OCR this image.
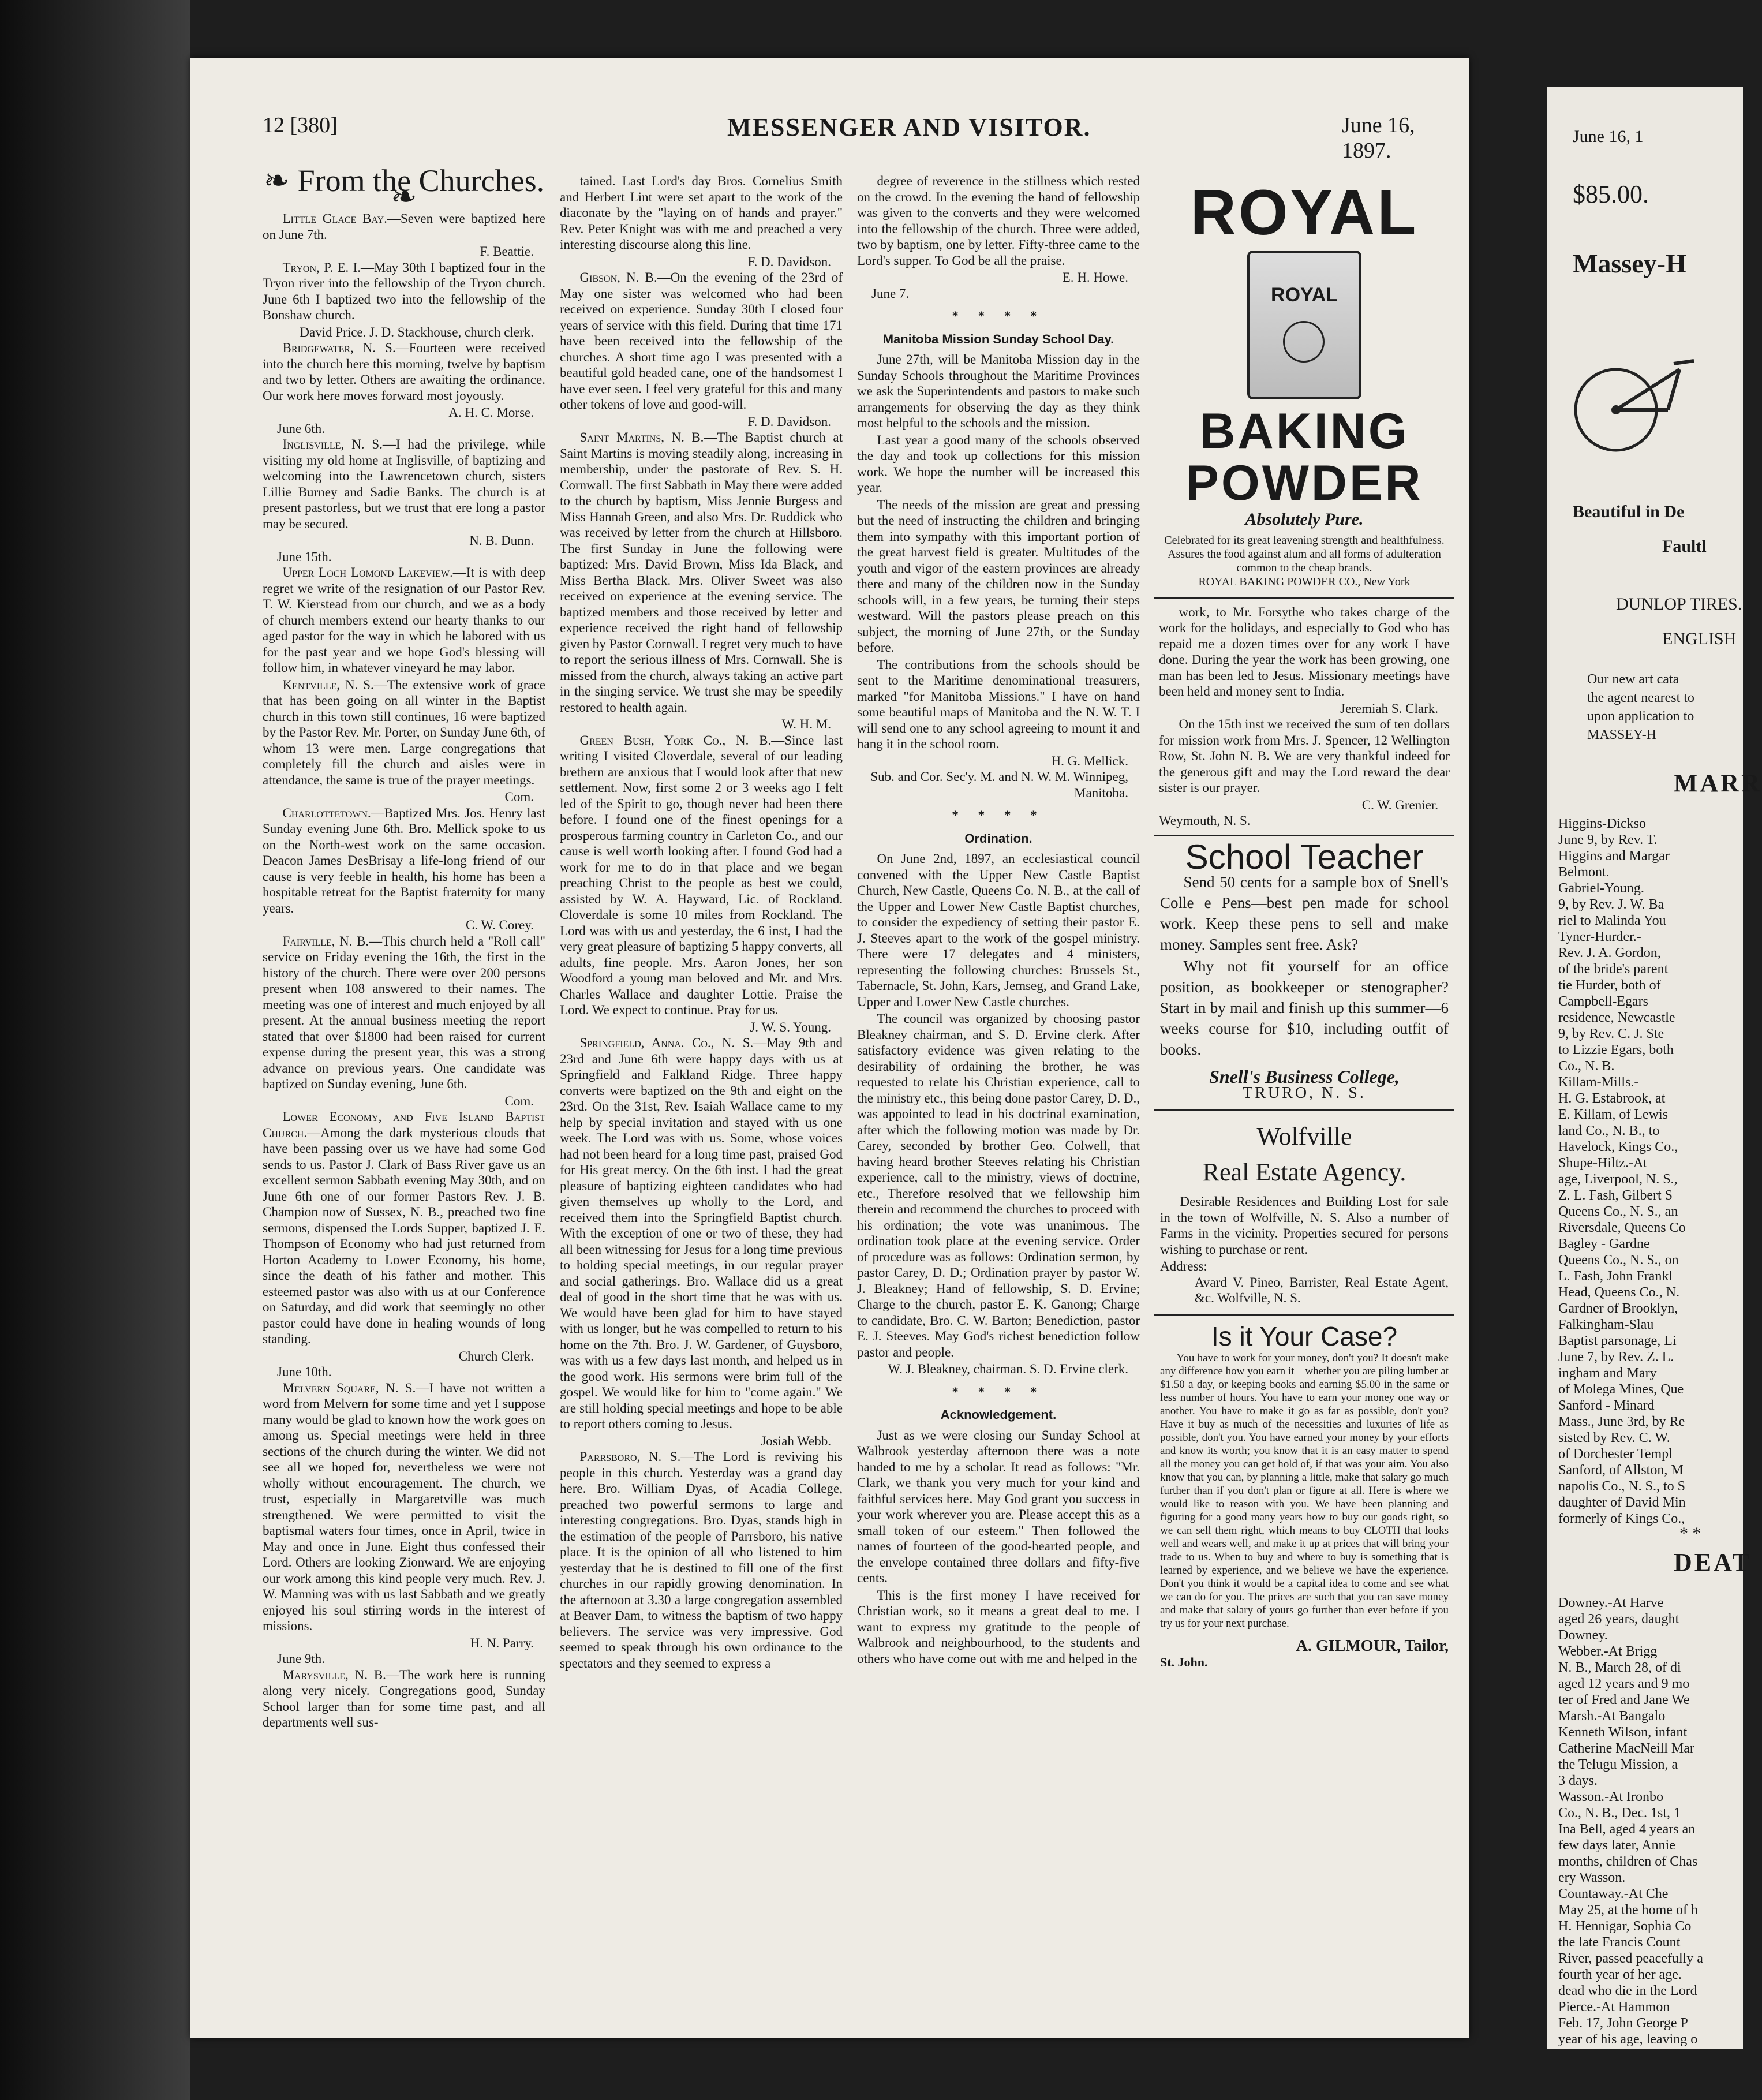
12 [380]	MESSENGER AND VISITOR.	June 16, 1897.
❧ From the Churches. ❧

Little Glace Bay.—Seven were baptized here on June 7th.

F. Beattie.

Tryon, P. E. I.—May 30th I baptized four in the Tryon river into the fellowship of the Tryon church. June 6th I baptized two into the fellowship of the Bonshaw church.

David Price. J. D. Stackhouse, church clerk.

Bridgewater, N. S.—Fourteen were received into the church here this morning, twelve by baptism and two by letter. Others are awaiting the ordinance. Our work here moves forward most joyously.

A. H. C. Morse.
June 6th.

Inglisville, N. S.—I had the privilege, while visiting my old home at Inglisville, of baptizing and welcoming into the Lawrencetown church, sisters Lillie Burney and Sadie Banks. The church is at present pastorless, but we trust that ere long a pastor may be secured.

N. B. Dunn.
June 15th.

Upper Loch Lomond Lakeview.—It is with deep regret we write of the resignation of our Pastor Rev. T. W. Kierstead from our church, and we as a body of church members extend our hearty thanks to our aged pastor for the way in which he labored with us for the past year and we hope God's blessing will follow him, in whatever vineyard he may labor.

Kentville, N. S.—The extensive work of grace that has been going on all winter in the Baptist church in this town still continues, 16 were baptized by the Pastor Rev. Mr. Porter, on Sunday June 6th, of whom 13 were men. Large congregations that completely fill the church and aisles were in attendance, the same is true of the prayer meetings.

Com.

Charlottetown.—Baptized Mrs. Jos. Henry last Sunday evening June 6th. Bro. Mellick spoke to us on the North-west work on the same occasion. Deacon James DesBrisay a life-long friend of our cause is very feeble in health, his home has been a hospitable retreat for the Baptist fraternity for many years.

C. W. Corey.

Fairville, N. B.—This church held a "Roll call" service on Friday evening the 16th, the first in the history of the church. There were over 200 persons present when 108 answered to their names. The meeting was one of interest and much enjoyed by all present. At the annual business meeting the report stated that over $1800 had been raised for current expense during the present year, this was a strong advance on previous years. One candidate was baptized on Sunday evening, June 6th.

Com.

Lower Economy, and Five Island Baptist Church.—Among the dark mysterious clouds that have been passing over us we have had some God sends to us. Pastor J. Clark of Bass River gave us an excellent sermon Sabbath evening May 30th, and on June 6th one of our former Pastors Rev. J. B. Champion now of Sussex, N. B., preached two fine sermons, dispensed the Lords Supper, baptized J. E. Thompson of Economy who had just returned from Horton Academy to Lower Economy, his home, since the death of his father and mother. This esteemed pastor was also with us at our Conference on Saturday, and did work that seemingly no other pastor could have done in healing wounds of long standing.

Church Clerk.
June 10th.

Melvern Square, N. S.—I have not written a word from Melvern for some time and yet I suppose many would be glad to known how the work goes on among us. Special meetings were held in three sections of the church during the winter. We did not see all we hoped for, nevertheless we were not wholly without encouragement. The church, we trust, especially in Margaretville was much strengthened. We were permitted to visit the baptismal waters four times, once in April, twice in May and once in June. Eight thus confessed their Lord. Others are looking Zionward. We are enjoying our work among this kind people very much. Rev. J. W. Manning was with us last Sabbath and we greatly enjoyed his soul stirring words in the interest of missions.

H. N. Parry.
June 9th.

Marysville, N. B.—The work here is running along very nicely. Congregations good, Sunday School larger than for some time past, and all departments well sus-

tained. Last Lord's day Bros. Cornelius Smith and Herbert Lint were set apart to the work of the diaconate by the "laying on of hands and prayer." Rev. Peter Knight was with me and preached a very interesting discourse along this line.

F. D. Davidson.

Gibson, N. B.—On the evening of the 23rd of May one sister was welcomed who had been received on experience. Sunday 30th I closed four years of service with this field. During that time 171 have been received into the fellowship of the churches. A short time ago I was presented with a beautiful gold headed cane, one of the handsomest I have ever seen. I feel very grateful for this and many other tokens of love and good-will.

F. D. Davidson.

Saint Martins, N. B.—The Baptist church at Saint Martins is moving steadily along, increasing in membership, under the pastorate of Rev. S. H. Cornwall. The first Sabbath in May there were added to the church by baptism, Miss Jennie Burgess and Miss Hannah Green, and also Mrs. Dr. Ruddick who was received by letter from the church at Hillsboro. The first Sunday in June the following were baptized: Mrs. David Brown, Miss Ida Black, and Miss Bertha Black. Mrs. Oliver Sweet was also received on experience at the evening service. The baptized members and those received by letter and experience received the right hand of fellowship given by Pastor Cornwall. I regret very much to have to report the serious illness of Mrs. Cornwall. She is missed from the church, always taking an active part in the singing service. We trust she may be speedily restored to health again.

W. H. M.

Green Bush, York Co., N. B.—Since last writing I visited Cloverdale, several of our leading brethern are anxious that I would look after that new settlement. Now, first some 2 or 3 weeks ago I felt led of the Spirit to go, though never had been there before. I found one of the finest openings for a prosperous farming country in Carleton Co., and our cause is well worth looking after. I found God had a work for me to do in that place and we began preaching Christ to the people as best we could, assisted by W. A. Hayward, Lic. of Rockland. Cloverdale is some 10 miles from Rockland. The Lord was with us and yesterday, the 6 inst, I had the very great pleasure of baptizing 5 happy converts, all adults, fine people. Mrs. Aaron Jones, her son Woodford a young man beloved and Mr. and Mrs. Charles Wallace and daughter Lottie. Praise the Lord. We expect to continue. Pray for us.

J. W. S. Young.

Springfield, Anna. Co., N. S.—May 9th and 23rd and June 6th were happy days with us at Springfield and Falkland Ridge. Three happy converts were baptized on the 9th and eight on the 23rd. On the 31st, Rev. Isaiah Wallace came to my help by special invitation and stayed with us one week. The Lord was with us. Some, whose voices had not been heard for a long time past, praised God for His great mercy. On the 6th inst. I had the great pleasure of baptizing eighteen candidates who had given themselves up wholly to the Lord, and received them into the Springfield Baptist church. With the exception of one or two of these, they had all been witnessing for Jesus for a long time previous to holding special meetings, in our regular prayer and social gatherings. Bro. Wallace did us a great deal of good in the short time that he was with us. We would have been glad for him to have stayed with us longer, but he was compelled to return to his home on the 7th. Bro. J. W. Gardener, of Guysboro, was with us a few days last month, and helped us in the good work. His sermons were brim full of the gospel. We would like for him to "come again." We are still holding special meetings and hope to be able to report others coming to Jesus.

Josiah Webb.

Parrsboro, N. S.—The Lord is reviving his people in this church. Yesterday was a grand day here. Bro. William Dyas, of Acadia College, preached two powerful sermons to large and interesting congregations. Bro. Dyas, stands high in the estimation of the people of Parrsboro, his native place. It is the opinion of all who listened to him yesterday that he is destined to fill one of the first churches in our rapidly growing denomination. In the afternoon at 3.30 a large congregation assembled at Beaver Dam, to witness the baptism of two happy believers. The service was very impressive. God seemed to speak through his own ordinance to the spectators and they seemed to express a

degree of reverence in the stillness which rested on the crowd. In the evening the hand of fellowship was given to the converts and they were welcomed into the fellowship of the church. Three were added, two by baptism, one by letter. Fifty-three came to the Lord's supper. To God be all the praise.

E. H. Howe.
June 7.
* * * *
Manitoba Mission Sunday School Day.

June 27th, will be Manitoba Mission day in the Sunday Schools throughout the Maritime Provinces we ask the Superintendents and pastors to make such arrangements for observing the day as they think most helpful to the schools and the mission.

Last year a good many of the schools observed the day and took up collections for this mission work. We hope the number will be increased this year.

The needs of the mission are great and pressing but the need of instructing the children and bringing them into sympathy with this important portion of the great harvest field is greater. Multitudes of the youth and vigor of the eastern provinces are already there and many of the children now in the Sunday schools will, in a few years, be turning their steps westward. Will the pastors please preach on this subject, the morning of June 27th, or the Sunday before.

The contributions from the schools should be sent to the Maritime denominational treasurers, marked "for Manitoba Missions." I have on hand some beautiful maps of Manitoba and the N. W. T. I will send one to any school agreeing to mount it and hang it in the school room.

H. G. Mellick.
Sub. and Cor. Sec'y. M. and N. W. M. Winnipeg, Manitoba.
* * * *
Ordination.

On June 2nd, 1897, an ecclesiastical council convened with the Upper New Castle Baptist Church, New Castle, Queens Co. N. B., at the call of the Upper and Lower New Castle Baptist churches, to consider the expediency of setting their pastor E. J. Steeves apart to the work of the gospel ministry. There were 17 delegates and 4 ministers, representing the following churches: Brussels St., Tabernacle, St. John, Kars, Jemseg, and Grand Lake, Upper and Lower New Castle churches.

The council was organized by choosing pastor Bleakney chairman, and S. D. Ervine clerk. After satisfactory evidence was given relating to the desirability of ordaining the brother, he was requested to relate his Christian experience, call to the ministry etc., this being done pastor Carey, D. D., was appointed to lead in his doctrinal examination, after which the following motion was made by Dr. Carey, seconded by brother Geo. Colwell, that having heard brother Steeves relating his Christian experience, call to the ministry, views of doctrine, etc., Therefore resolved that we fellowship him therein and recommend the churches to proceed with his ordination; the vote was unanimous. The ordination took place at the evening service. Order of procedure was as follows: Ordination sermon, by pastor Carey, D. D.; Ordination prayer by pastor W. J. Bleakney; Hand of fellowship, S. D. Ervine; Charge to the church, pastor E. K. Ganong; Charge to candidate, Bro. C. W. Barton; Benediction, pastor E. J. Steeves. May God's richest benediction follow pastor and people.

W. J. Bleakney, chairman. S. D. Ervine clerk.
* * * *
Acknowledgement.

Just as we were closing our Sunday School at Walbrook yesterday afternoon there was a note handed to me by a scholar. It read as follows: "Mr. Clark, we thank you very much for your kind and faithful services here. May God grant you success in your work wherever you are. Please accept this as a small token of our esteem." Then followed the names of fourteen of the good-hearted people, and the envelope contained three dollars and fifty-five cents.

This is the first money I have received for Christian work, so it means a great deal to me. I want to express my gratitude to the people of Walbrook and neighbourhood, to the students and others who have come out with me and helped in the

ROYAL
ROYAL
BAKING
POWDER
Absolutely Pure.
Celebrated for its great leavening strength and healthfulness. Assures the food against alum and all forms of adulteration common to the cheap brands.
ROYAL BAKING POWDER CO., New York

work, to Mr. Forsythe who takes charge of the work for the holidays, and especially to God who has repaid me a dozen times over for any work I have done. During the year the work has been growing, one man has been led to Jesus. Missionary meetings have been held and money sent to India.

Jeremiah S. Clark.

On the 15th inst we received the sum of ten dollars for mission work from Mrs. J. Spencer, 12 Wellington Row, St. John N. B. We are very thankful indeed for the generous gift and may the Lord reward the dear sister is our prayer.

C. W. Grenier.
Weymouth, N. S.
School Teacher

Send 50 cents for a sample box of Snell's Colle e Pens—best pen made for school work. Keep these pens to sell and make money. Samples sent free. Ask?

Why not fit yourself for an office position, as bookkeeper or stenographer? Start in by mail and finish up this summer—6 weeks course for $10, including outfit of books.

Snell's Business College,
TRURO, N. S.
Wolfville
Real Estate Agency.

Desirable Residences and Building Lost for sale in the town of Wolfville, N. S. Also a number of Farms in the vicinity. Properties secured for persons wishing to purchase or rent.

Address:
Avard V. Pineo, Barrister, Real Estate Agent, &c. Wolfville, N. S.
Is it Your Case?

You have to work for your money, don't you? It doesn't make any difference how you earn it—whether you are piling lumber at $1.50 a day, or keeping books and earning $5.00 in the same or less number of hours. You have to earn your money one way or another. You have to make it go as far as possible, don't you? Have it buy as much of the necessities and luxuries of life as possible, don't you. You have earned your money by your efforts and know its worth; you know that it is an easy matter to spend all the money you can get hold of, if that was your aim. You also know that you can, by planning a little, make that salary go much further than if you don't plan or figure at all. Here is where we would like to reason with you. We have been planning and figuring for a good many years how to buy our goods right, so we can sell them right, which means to buy CLOTH that looks well and wears well, and make it up at prices that will bring your trade to us. When to buy and where to buy is something that is learned by experience, and we believe we have the experience. Don't you think it would be a capital idea to come and see what we can do for you. The prices are such that you can save money and make that salary of yours go further than ever before if you try us for your next purchase.

A. GILMOUR, Tailor,
St. John.
June 16, 1
$85.00.
Massey-H
Beautiful in De
Faultl
DUNLOP TIRES.
ENGLISH
Our new art cata
the agent nearest to
upon application to
MASSEY-H
MARR
Higgins-Dickso
June 9, by Rev. T.
Higgins and Margar
Belmont.
Gabriel-Young.
9, by Rev. J. W. Ba
riel to Malinda You
Tyner-Hurder.-
Rev. J. A. Gordon,
of the bride's parent
tie Hurder, both of
Campbell-Egars
residence, Newcastle
9, by Rev. C. J. Ste
to Lizzie Egars, both
Co., N. B.
Killam-Mills.-
H. G. Estabrook, at
E. Killam, of Lewis
land Co., N. B., to
Havelock, Kings Co.,
Shupe-Hiltz.-At
age, Liverpool, N. S.,
Z. L. Fash, Gilbert S
Queens Co., N. S., an
Riversdale, Queens Co
Bagley - Gardne
Queens Co., N. S., on
L. Fash, John Frankl
Head, Queens Co., N.
Gardner of Brooklyn,
Falkingham-Slau
Baptist parsonage, Li
June 7, by Rev. Z. L.
ingham and Mary
of Molega Mines, Que
Sanford - Minard
Mass., June 3rd, by Re
sisted by Rev. C. W.
of Dorchester Templ
Sanford, of Allston, M
napolis Co., N. S., to S
daughter of David Min
formerly of Kings Co.,
* *
DEAT
Downey.-At Harve
aged 26 years, daught
Downey.
Webber.-At Brigg
N. B., March 28, of di
aged 12 years and 9 mo
ter of Fred and Jane We
Marsh.-At Bangalo
Kenneth Wilson, infant
Catherine MacNeill Mar
the Telugu Mission, a
3 days.
Wasson.-At Ironbo
Co., N. B., Dec. 1st, 1
Ina Bell, aged 4 years an
few days later, Annie
months, children of Chas
ery Wasson.
Countaway.-At Che
May 25, at the home of h
H. Hennigar, Sophia Co
the late Francis Count
River, passed peacefully a
fourth year of her age.
dead who die in the Lord
Pierce.-At Hammon
Feb. 17, John George P
year of his age, leaving o
